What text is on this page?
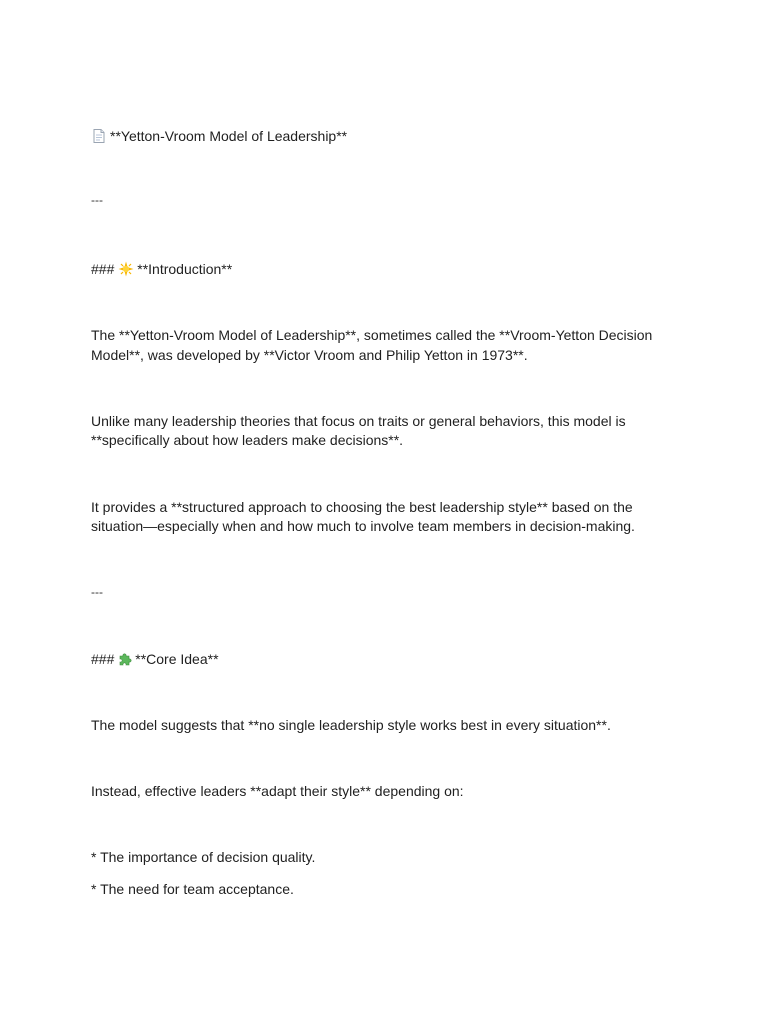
**Yetton-Vroom Model of Leadership**
---
### **Introduction**
The **Yetton-Vroom Model of Leadership**, sometimes called the **Vroom-Yetton Decision
Model**, was developed by **Victor Vroom and Philip Yetton in 1973**.
Unlike many leadership theories that focus on traits or general behaviors, this model is
**specifically about how leaders make decisions**.
It provides a **structured approach to choosing the best leadership style** based on the
situation—especially when and how much to involve team members in decision-making.
---
### **Core Idea**
The model suggests that **no single leadership style works best in every situation**.
Instead, effective leaders **adapt their style** depending on:
* The importance of decision quality.
* The need for team acceptance.
